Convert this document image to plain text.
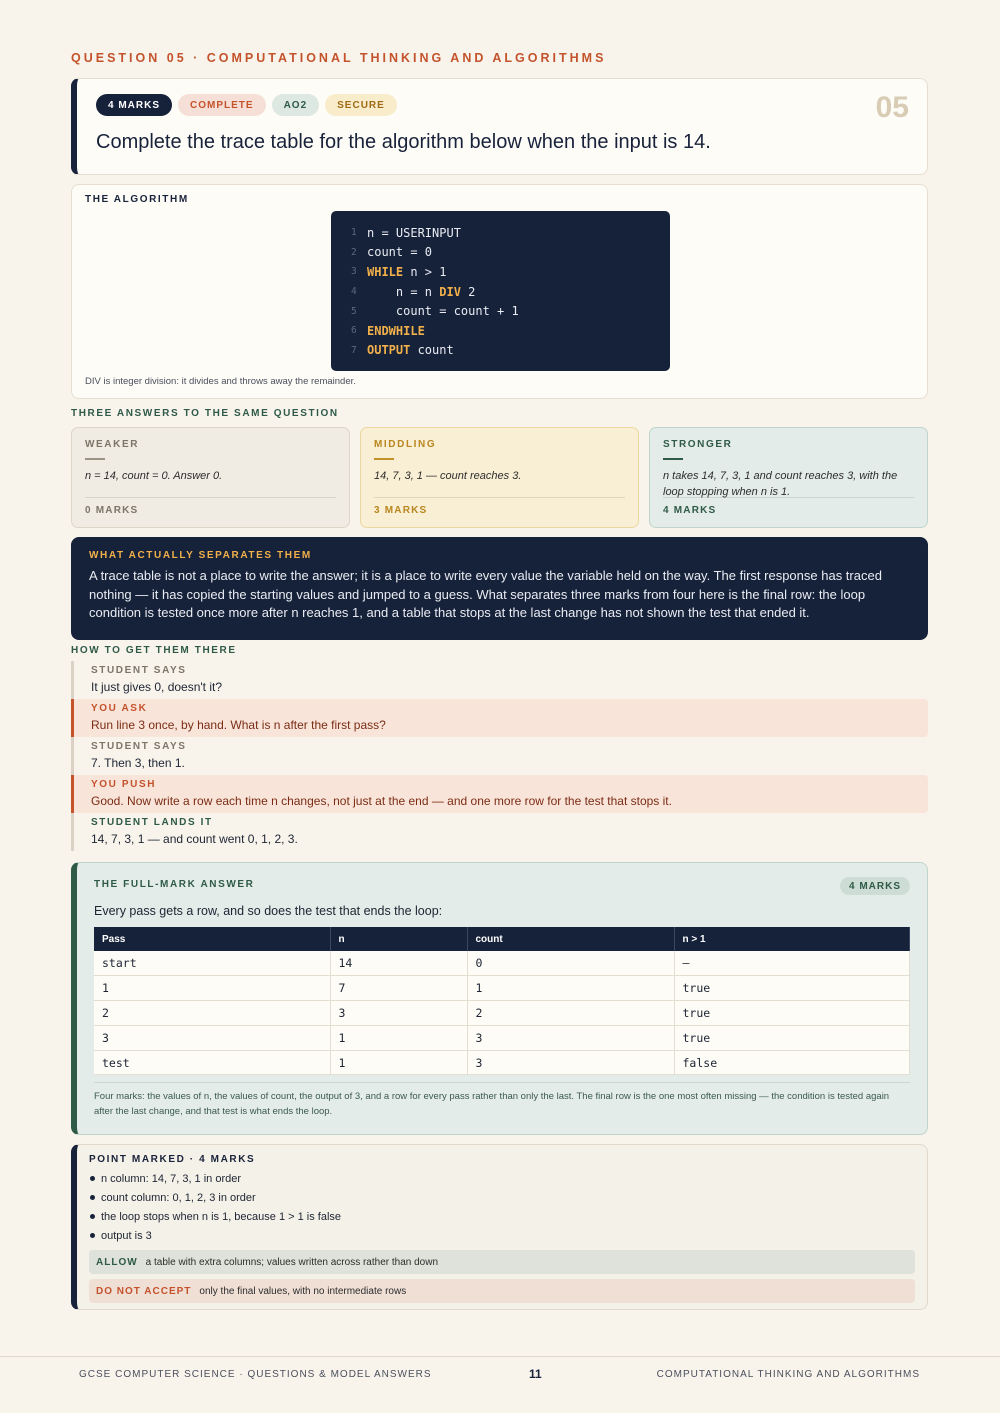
QUESTION 05 · COMPUTATIONAL THINKING AND ALGORITHMS
4 MARKS	COMPLETE	AO2	SECURE	05
Complete the trace table for the algorithm below when the input is 14.
THE ALGORITHM
1 n = USERINPUT
2 count = 0
3 WHILE n > 1
4 n = n DIV 2
5 count = count + 1
6 ENDWHILE
7 OUTPUT count
DIV is integer division: it divides and throws away the remainder.
THREE ANSWERS TO THE SAME QUESTION
WEAKER
n = 14, count = 0. Answer 0.
0 MARKS
MIDDLING
14, 7, 3, 1 — count reaches 3.
3 MARKS
STRONGER
n takes 14, 7, 3, 1 and count reaches 3, with the loop stopping when n is 1.
4 MARKS
WHAT ACTUALLY SEPARATES THEM
A trace table is not a place to write the answer; it is a place to write every value the variable held on the way. The first response has traced nothing — it has copied the starting values and jumped to a guess. What separates three marks from four here is the final row: the loop condition is tested once more after n reaches 1, and a table that stops at the last change has not shown the test that ended it.
HOW TO GET THEM THERE
STUDENT SAYS
It just gives 0, doesn't it?
YOU ASK
Run line 3 once, by hand. What is n after the first pass?
STUDENT SAYS
7. Then 3, then 1.
YOU PUSH
Good. Now write a row each time n changes, not just at the end — and one more row for the test that stops it.
STUDENT LANDS IT
14, 7, 3, 1 — and count went 0, 1, 2, 3.
THE FULL-MARK ANSWER	4 MARKS
Every pass gets a row, and so does the test that ends the loop:
Pass	n	count	n > 1
start	14	0	—
1	7	1	true
2	3	2	true
3	1	3	true
test	1	3	false
Four marks: the values of n, the values of count, the output of 3, and a row for every pass rather than only the last. The final row is the one most often missing — the condition is tested again after the last change, and that test is what ends the loop.
POINT MARKED · 4 MARKS
n column: 14, 7, 3, 1 in order
count column: 0, 1, 2, 3 in order
the loop stops when n is 1, because 1 > 1 is false
output is 3
ALLOW a table with extra columns; values written across rather than down
DO NOT ACCEPT only the final values, with no intermediate rows
GCSE COMPUTER SCIENCE · QUESTIONS & MODEL ANSWERS	11	COMPUTATIONAL THINKING AND ALGORITHMS
